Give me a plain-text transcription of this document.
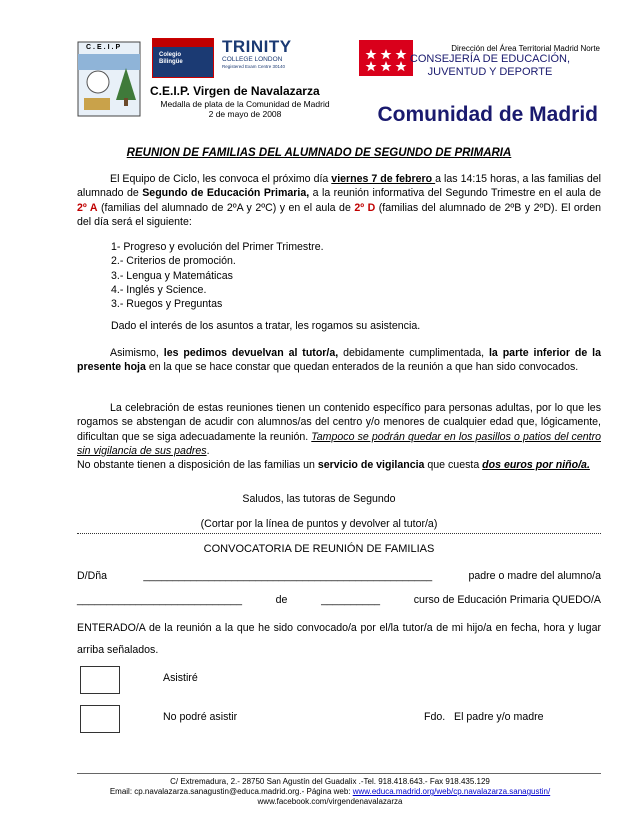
C.E.I.P
Colegio Bilingüe
TRINITY
COLLEGE LONDON
Registered Exam Centre 30140
C.E.I.P. Virgen de Navalazarza
Medalla de plata de la Comunidad de Madrid
2 de mayo de 2008
Dirección del Área Territorial Madrid Norte
CONSEJERÍA DE EDUCACIÓN,
JUVENTUD Y DEPORTE
Comunidad de Madrid
REUNION DE FAMILIAS DEL ALUMNADO DE SEGUNDO DE PRIMARIA
El Equipo de Ciclo, les convoca el próximo día viernes 7 de febrero a las 14:15 horas, a las familias del alumnado de Segundo de Educación Primaria, a la reunión informativa del Segundo Trimestre en el aula de 2º A (familias del alumnado de 2ºA y 2ºC) y en el aula de 2º D (familias del alumnado de 2ºB y 2ºD). El orden del día será el siguiente:
1- Progreso y evolución del Primer Trimestre.
2.- Criterios de promoción.
3.- Lengua y Matemáticas
4.- Inglés y Science.
3.- Ruegos y Preguntas
Dado el interés de los asuntos a tratar, les rogamos su asistencia.
Asimismo, les pedimos devuelvan al tutor/a, debidamente cumplimentada, la parte inferior de la presente hoja en la que se hace constar que quedan enterados de la reunión a que han sido convocados.
La celebración de estas reuniones tienen un contenido específico para personas adultas, por lo que les rogamos se abstengan de acudir con alumnos/as del centro y/o menores de cualquier edad que, lógicamente, dificultan que se siga adecuadamente la reunión. Tampoco se podrán quedar en los pasillos o patios del centro sin vigilancia de sus padres.
No obstante tienen a disposición de las familias un servicio de vigilancia que cuesta dos euros por niño/a.
Saludos, las tutoras de Segundo
(Cortar por la línea de puntos y devolver al tutor/a)
CONVOCATORIA DE REUNIÓN DE FAMILIAS
D/Dña	_________________________________________________	padre o madre del alumno/a
____________________________	de	__________	curso de Educación Primaria QUEDO/A
ENTERADO/A de la reunión a la que he sido convocado/a por el/la tutor/a de mi hijo/a en fecha, hora y lugar arriba señalados.
Asistiré
No podré asistir	Fdo.   El padre y/o madre
C/ Extremadura, 2.- 28750 San Agustín del Guadalix .-Tel. 918.418.643.- Fax 918.435.129
Email: cp.navalazarza.sanagustin@educa.madrid.org.- Página web: www.educa.madrid.org/web/cp.navalazarza.sanagustin/
www.facebook.com/virgendenavalazarza
